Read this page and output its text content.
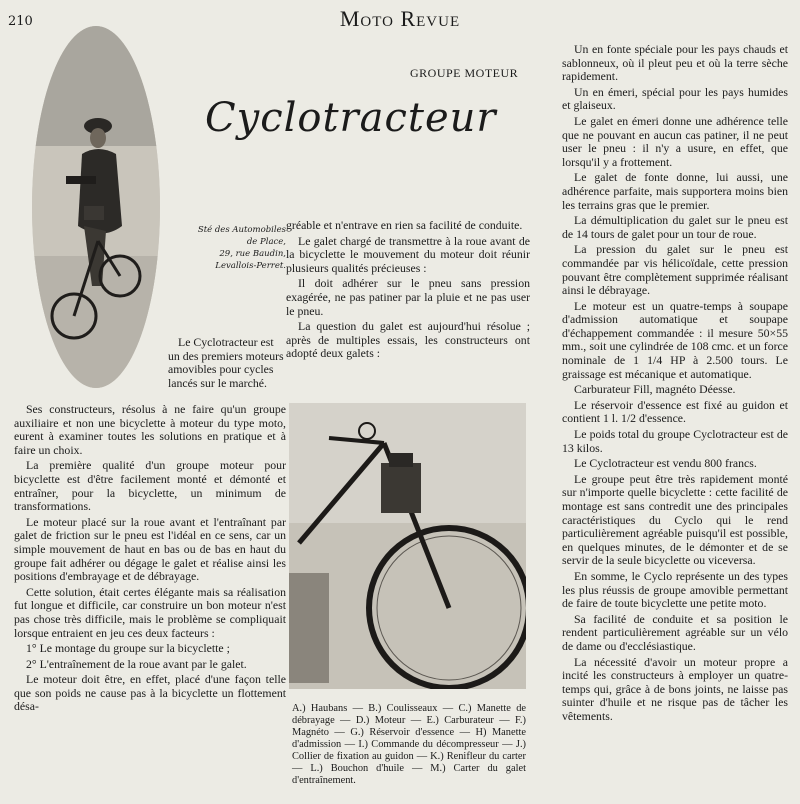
210	Moto Revue
GROUPE MOTEUR
Cyclotracteur
Sté des Automobiles
de Place,
29, rue Baudin,
Levallois-Perret.

Le Cyclotracteur est un des premiers moteurs amovibles pour cycles lancés sur le marché.

Ses constructeurs, résolus à ne faire qu'un groupe auxiliaire et non une bicyclette à moteur du type moto, eurent à examiner toutes les solutions en pratique et à faire un choix.

La première qualité d'un groupe moteur pour bicyclette est d'être facilement monté et démonté et entraîner, pour la bicyclette, un minimum de transformations.

Le moteur placé sur la roue avant et l'entraînant par galet de friction sur le pneu est l'idéal en ce sens, car un simple mouvement de haut en bas ou de bas en haut du groupe fait adhérer ou dégage le galet et réalise ainsi les positions d'embrayage et de débrayage.

Cette solution, était certes élégante mais sa réalisation fut longue et difficile, car construire un bon moteur n'est pas chose très difficile, mais le problème se compliquait lorsque entraient en jeu ces deux facteurs :

1° Le montage du groupe sur la bicyclette ;

2° L'entraînement de la roue avant par le galet.

Le moteur doit être, en effet, placé d'une façon telle que son poids ne cause pas à la bicyclette un flottement désa-

gréable et n'entrave en rien sa facilité de conduite.

Le galet chargé de transmettre à la roue avant de la bicyclette le mouvement du moteur doit réunir plusieurs qualités précieuses :

Il doit adhérer sur le pneu sans pression exagérée, ne pas patiner par la pluie et ne pas user le pneu.

La question du galet est aujourd'hui résolue ; après de multiples essais, les constructeurs ont adopté deux galets :

A.) Haubans — B.) Coulisseaux — C.) Manette de débrayage — D.) Moteur — E.) Carburateur — F.) Magnéto — G.) Réservoir d'essence — H) Manette d'admission — I.) Commande du décompresseur — J.) Collier de fixation au guidon — K.) Renifleur du carter — L.) Bouchon d'huile — M.) Carter du galet d'entraînement.

Un en fonte spéciale pour les pays chauds et sablonneux, où il pleut peu et où la terre sèche rapidement.

Un en émeri, spécial pour les pays humides et glaiseux.

Le galet en émeri donne une adhérence telle que ne pouvant en aucun cas patiner, il ne peut user le pneu : il n'y a usure, en effet, que lorsqu'il y a frottement.

Le galet de fonte donne, lui aussi, une adhérence parfaite, mais supportera moins bien les terrains gras que le premier.

La démultiplication du galet sur le pneu est de 14 tours de galet pour un tour de roue.

La pression du galet sur le pneu est commandée par vis hélicoïdale, cette pression pouvant être complètement supprimée réalisant ainsi le débrayage.

Le moteur est un quatre-temps à soupape d'admission automatique et soupape d'échappement commandée : il mesure 50×55 mm., soit une cylindrée de 108 cmc. et un force nominale de 1 1/4 HP à 2.500 tours. Le graissage est mécanique et automatique.

Carburateur Fill, magnéto Déesse.

Le réservoir d'essence est fixé au guidon et contient 1 l. 1/2 d'essence.

Le poids total du groupe Cyclotracteur est de 13 kilos.

Le Cyclotracteur est vendu 800 francs.

Le groupe peut être très rapidement monté sur n'importe quelle bicyclette : cette facilité de montage est sans contredit une des principales caractéristiques du Cyclo qui le rend particulièrement agréable puisqu'il est possible, en quelques minutes, de le démonter et de se servir de la seule bicyclette ou viceversa.

En somme, le Cyclo représente un des types les plus réussis de groupe amovible permettant de faire de toute bicyclette une petite moto.

Sa facilité de conduite et sa position le rendent particulièrement agréable sur un vélo de dame ou d'ecclésiastique.

La nécessité d'avoir un moteur propre a incité les constructeurs à employer un quatre-temps qui, grâce à de bons joints, ne laisse pas suinter d'huile et ne risque pas de tâcher les vêtements.
